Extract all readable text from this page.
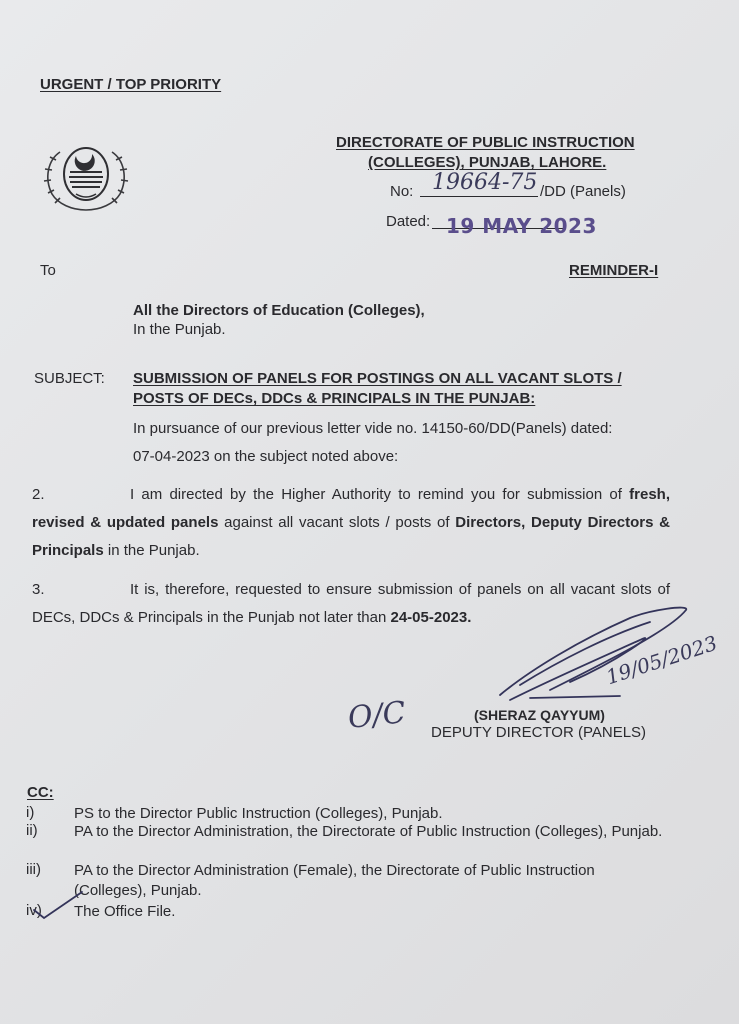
URGENT / TOP PRIORITY
DIRECTORATE OF PUBLIC INSTRUCTION
(COLLEGES), PUNJAB, LAHORE.
No: 19664-75 /DD (Panels)
Dated: 19 MAY 2023
To	REMINDER-I
All the Directors of Education (Colleges),
In the Punjab.
SUBJECT: SUBMISSION OF PANELS FOR POSTINGS ON ALL VACANT SLOTS /
POSTS OF DECs, DDCs & PRINCIPALS IN THE PUNJAB:
In pursuance of our previous letter vide no. 14150-60/DD(Panels) dated:
07-04-2023 on the subject noted above:
2.	I am directed by the Higher Authority to remind you for submission of fresh, revised & updated panels against all vacant slots / posts of Directors, Deputy Directors & Principals in the Punjab.
3.	It is, therefore, requested to ensure submission of panels on all vacant slots of DECs, DDCs & Principals in the Punjab not later than 24-05-2023.
19/05/2023
O/C	(SHERAZ QAYYUM)
DEPUTY DIRECTOR (PANELS)
CC:
i)	PS to the Director Public Instruction (Colleges), Punjab.
ii)	PA to the Director Administration, the Directorate of Public Instruction (Colleges), Punjab.
iii)	PA to the Director Administration (Female), the Directorate of Public Instruction (Colleges), Punjab.
iv)	The Office File.
